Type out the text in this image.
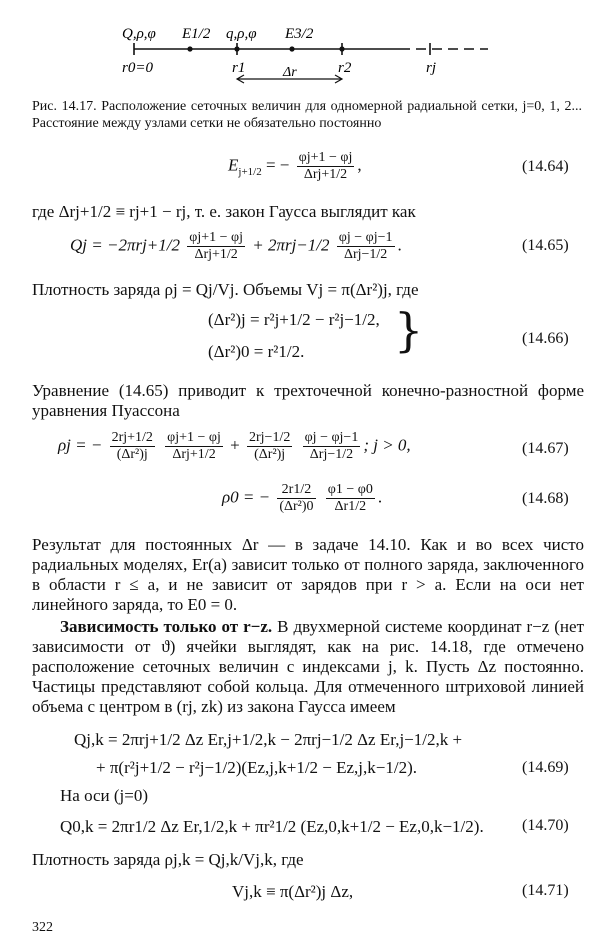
Q,ρ,φ E1/2 q,ρ,φ E3/2
r0=0	r1	r2	rj
Δr
Рис. 14.17. Расположение сеточных величин для одномерной радиальной сетки, j=0, 1, 2... Расстояние между узлами сетки не обязательно постоянно
$E_{j+1/2}$ = − $\frac{\varphi j+1 - \varphi j}{\text{Δrj+1/2}}$ ,	(14.64)
где Δrj+1/2 ≡ rj+1 − rj, т. е. закон Гаусса выглядит как
$Qj = -2\pi rj+1/2 \frac{\varphi j+1 - \varphi j}{\text{Δrj+1/2}} + 2\pi rj-1/2 \frac{\varphi j - \varphi j-1}{\text{Δrj−1/2}}$ .	(14.65)
Плотность заряда ρj = Qj/Vj. Объемы Vj = π(Δr²)j, где
(Δr²)j = r²j+1/2 − r²j−1/2,
(Δr²)0 = r²1/2. }	(14.66)
Уравнение (14.65) приводит к трехточечной конечно-разностной форме уравнения Пуассона
ρj = − $\frac{2rj+1/2}{\text{(Δr²)j}}$
$\frac{\varphi j+1 - \varphi j}{\text{Δrj+1/2}} + \frac{2rj-1/2}{\text{(Δr²)j}}$
$\frac{\varphi j - \varphi j-1}{\text{Δrj−1/2}}$ ; j > 0,	(14.67)
ρ0 = − $\frac{2r1/2}{\text{(Δr²)0}}$
$\frac{\varphi 1 - \varphi 0}{\Delta r1/2}$ .	(14.68)
Результат для постоянных Δr — в задаче 14.10. Как и во всех чисто радиальных моделях, Er(a) зависит только от полного заряда, заключенного в области r ≤ a, и не зависит от зарядов при r > a. Если на оси нет линейного заряда, то E0 = 0.
Зависимость только от r−z. В двухмерной системе координат r−z (нет зависимости от ϑ) ячейки выглядят, как на рис. 14.18, где отмечено расположение сеточных величин с индексами j, k. Пусть Δz постоянно. Частицы представляют собой кольца. Для отмеченного штриховой линией объема с центром в (rj, zk) из закона Гаусса имеем
Qj,k = 2πrj+1/2 Δz Er,j+1/2,k − 2πrj−1/2 Δz Er,j−1/2,k +
+ π(r²j+1/2 − r²j−1/2)(Ez,j,k+1/2 − Ez,j,k−1/2).	(14.69)
На оси (j=0)
Q0,k = 2πr1/2 Δz Er,1/2,k + πr²1/2 (Ez,0,k+1/2 − Ez,0,k−1/2). (14.70)
Плотность заряда ρj,k = Qj,k/Vj,k, где
Vj,k ≡ π(Δr²)j Δz,	(14.71)
322
